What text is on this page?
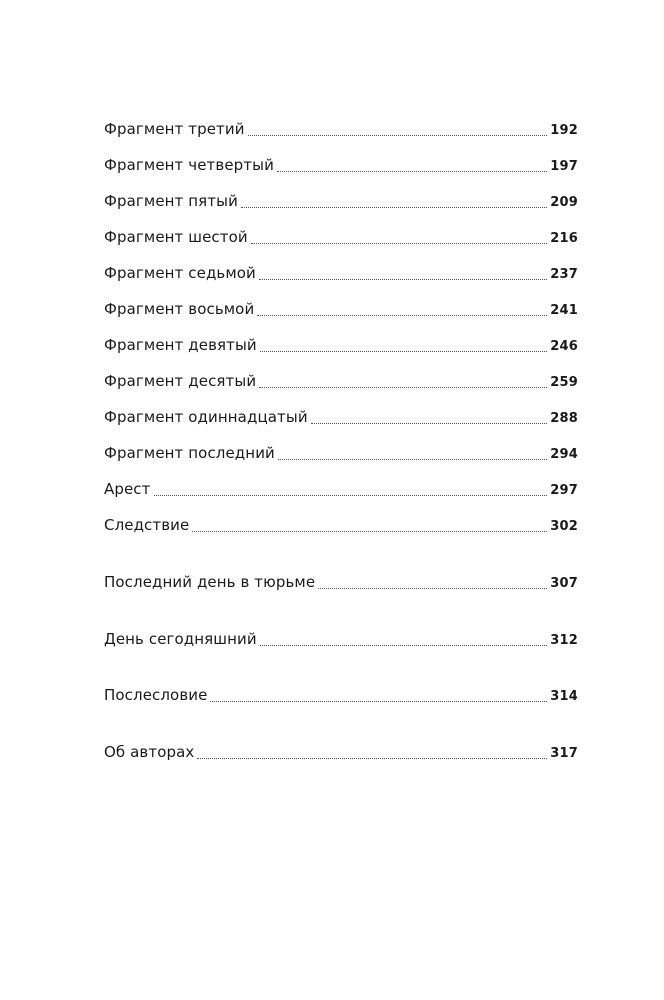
Фрагмент третий	192
Фрагмент четвертый	197
Фрагмент пятый	209
Фрагмент шестой	216
Фрагмент седьмой	237
Фрагмент восьмой	241
Фрагмент девятый	246
Фрагмент десятый	259
Фрагмент одиннадцатый	288
Фрагмент последний	294
Арест	297
Следствие	302
Последний день в тюрьме	307
День сегодняшний	312
Послесловие	314
Об авторах	317
